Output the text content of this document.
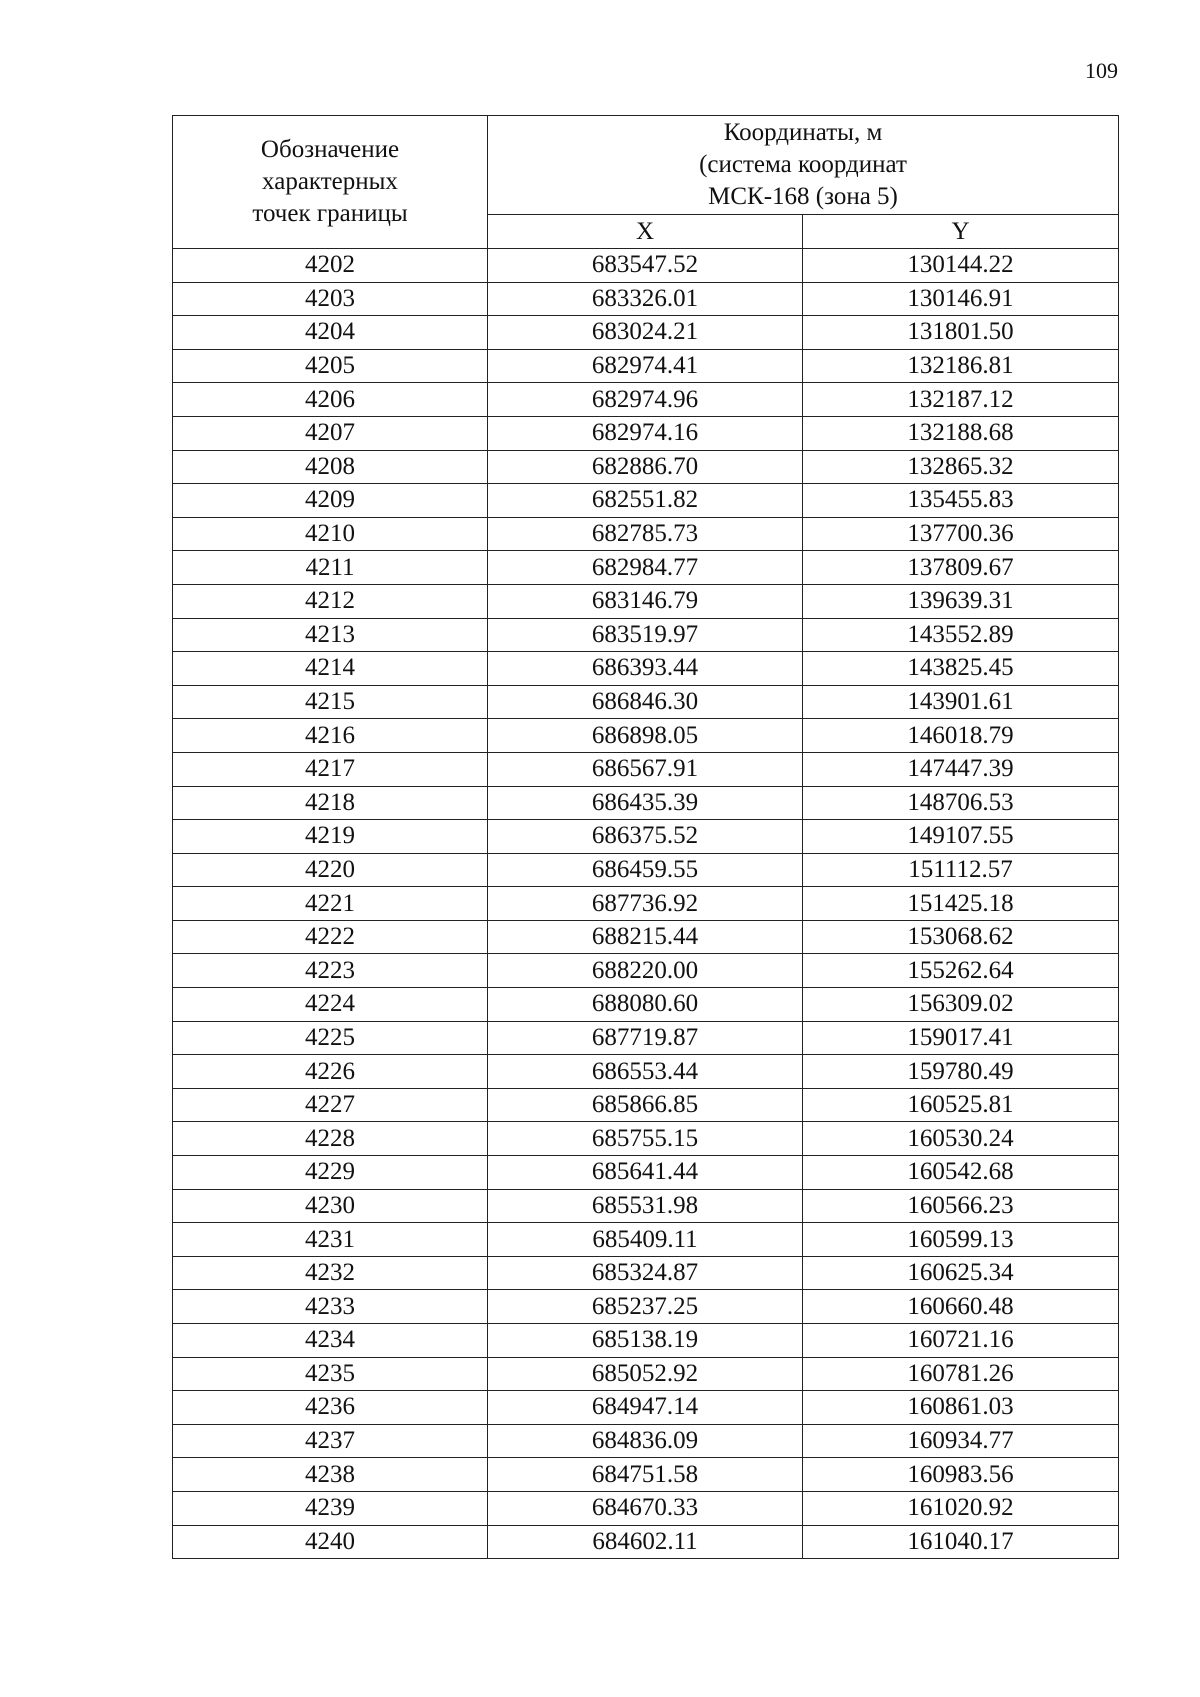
109
Обозначение
характерных
точек границы	Координаты, м
(система координат
МСК-168 (зона 5)	

	X	Y
4202	683547.52	130144.22
4203	683326.01	130146.91
4204	683024.21	131801.50
4205	682974.41	132186.81
4206	682974.96	132187.12
4207	682974.16	132188.68
4208	682886.70	132865.32
4209	682551.82	135455.83
4210	682785.73	137700.36
4211	682984.77	137809.67
4212	683146.79	139639.31
4213	683519.97	143552.89
4214	686393.44	143825.45
4215	686846.30	143901.61
4216	686898.05	146018.79
4217	686567.91	147447.39
4218	686435.39	148706.53
4219	686375.52	149107.55
4220	686459.55	151112.57
4221	687736.92	151425.18
4222	688215.44	153068.62
4223	688220.00	155262.64
4224	688080.60	156309.02
4225	687719.87	159017.41
4226	686553.44	159780.49
4227	685866.85	160525.81
4228	685755.15	160530.24
4229	685641.44	160542.68
4230	685531.98	160566.23
4231	685409.11	160599.13
4232	685324.87	160625.34
4233	685237.25	160660.48
4234	685138.19	160721.16
4235	685052.92	160781.26
4236	684947.14	160861.03
4237	684836.09	160934.77
4238	684751.58	160983.56
4239	684670.33	161020.92
4240	684602.11	161040.17
